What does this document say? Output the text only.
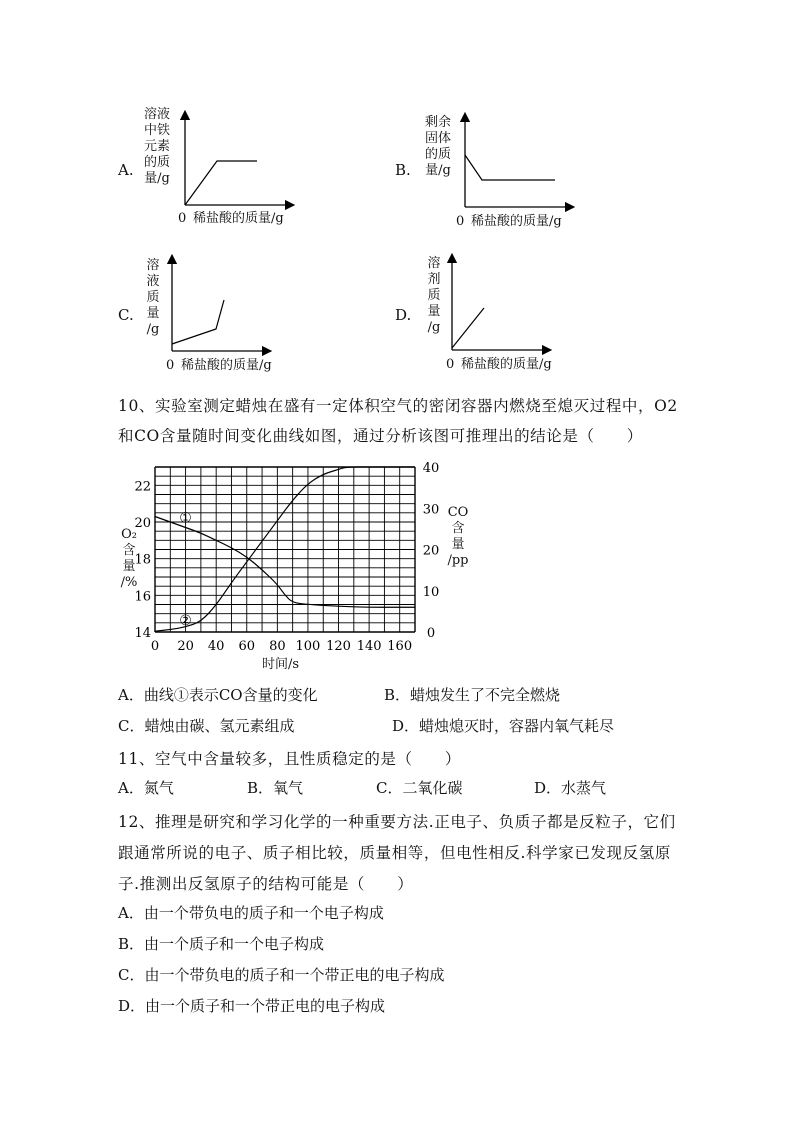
A.
溶液
中铁
元素
的质
量/g
0 稀盐酸的质量/g
B.
剩余
固体
的质
量/g
0 稀盐酸的质量/g
C.
溶
液
质
量
/g
0 稀盐酸的质量/g
D.
溶
剂
质
量
/g
0 稀盐酸的质量/g
10、实验室测定蜡烛在盛有一定体积空气的密闭容器内燃烧至熄灭过程中，O2
和CO含量随时间变化曲线如图，通过分析该图可推理出的结论是（　　）
0 20 40 60 80 100 120 140 160
14
16
18
20
22
0
10
20
30
40
①
②
O₂
含
量
/%
CO
含
量
/pp
时间/s
A．曲线①表示CO含量的变化	B．蜡烛发生了不完全燃烧
C．蜡烛由碳、氢元素组成	D．蜡烛熄灭时，容器内氧气耗尽
11、空气中含量较多，且性质稳定的是（　　）
A．氮气	B．氧气	C．二氧化碳	D．水蒸气
12、推理是研究和学习化学的一种重要方法.正电子、负质子都是反粒子，它们
跟通常所说的电子、质子相比较，质量相等，但电性相反.科学家已发现反氢原
子.推测出反氢原子的结构可能是（　　）
A．由一个带负电的质子和一个电子构成
B．由一个质子和一个电子构成
C．由一个带负电的质子和一个带正电的电子构成
D．由一个质子和一个带正电的电子构成
